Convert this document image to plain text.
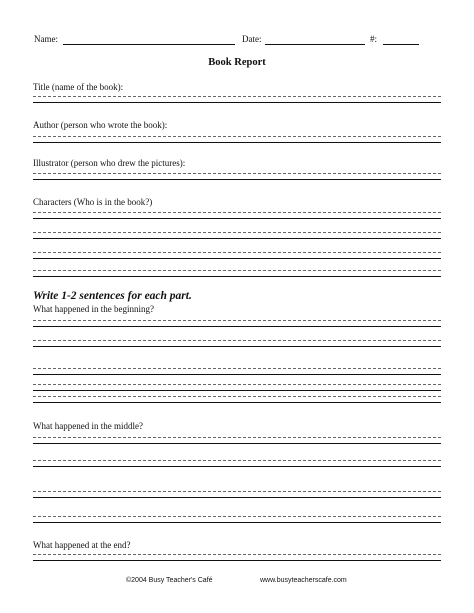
Name:	Date:	#:
Book Report
Title (name of the book):
Author (person who wrote the book):
Illustrator (person who drew the pictures):
Characters (Who is in the book?)
Write 1-2 sentences for each part.
What happened in the beginning?
What happened in the middle?
What happened at the end?
©2004 Busy Teacher's Café	www.busyteacherscafe.com
